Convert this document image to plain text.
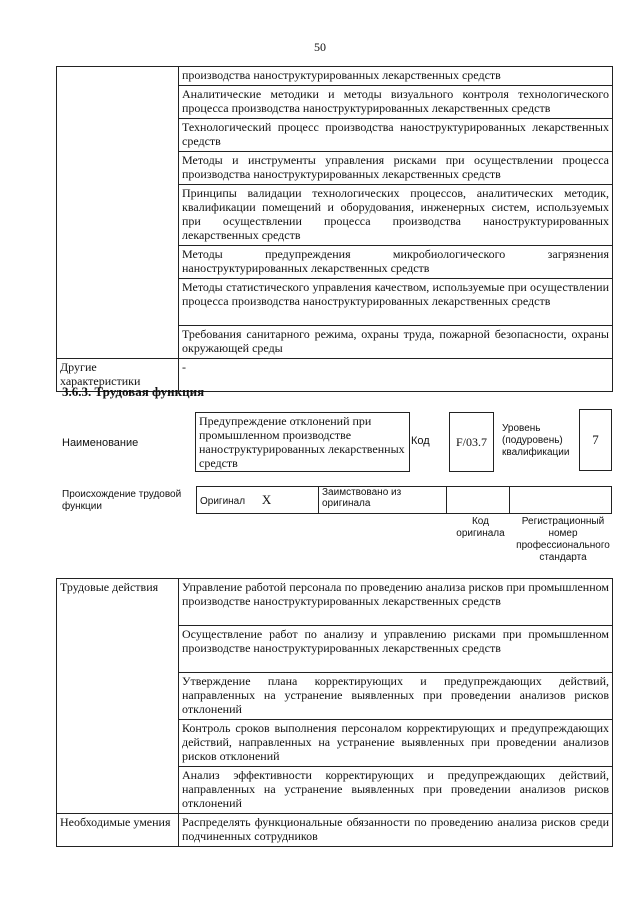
50
	производства наноструктурированных лекарственных средств
	Аналитические методики и методы визуального контроля технологического процесса производства наноструктурированных лекарственных средств
	Технологический процесс производства наноструктурированных лекарственных средств
	Методы и инструменты управления рисками при осуществлении процесса производства наноструктурированных лекарственных средств
	Принципы валидации технологических процессов, аналитических методик, квалификации помещений и оборудования, инженерных систем, используемых при осуществлении процесса производства наноструктурированных лекарственных средств
	Методы предупреждения микробиологического загрязнения наноструктурированных лекарственных средств
	Методы статистического управления качеством, используемые при осуществлении процесса производства наноструктурированных лекарственных средств
	Требования санитарного режима, охраны труда, пожарной безопасности, охраны окружающей среды
Другие характеристики	-
3.6.3. Трудовая функция
Наименование
Предупреждение отклонений при промышленном производстве наноструктурированных лекарственных средств
Код	F/03.7
Уровень (подуровень) квалификации
7
Происхождение трудовой функции	Оригинал X	Заимствовано из оригинала		
Код оригинала
Регистрационный номер профессионального стандарта
Трудовые действия	Управление работой персонала по проведению анализа рисков при промышленном производстве наноструктурированных лекарственных средств
	Осуществление работ по анализу и управлению рисками при промышленном производстве наноструктурированных лекарственных средств
	Утверждение плана корректирующих и предупреждающих действий, направленных на устранение выявленных при проведении анализов рисков отклонений
	Контроль сроков выполнения персоналом корректирующих и предупреждающих действий, направленных на устранение выявленных при проведении анализов рисков отклонений
	Анализ эффективности корректирующих и предупреждающих действий, направленных на устранение выявленных при проведении анализов рисков отклонений
Необходимые умения	Распределять функциональные обязанности по проведению анализа рисков среди подчиненных сотрудников
